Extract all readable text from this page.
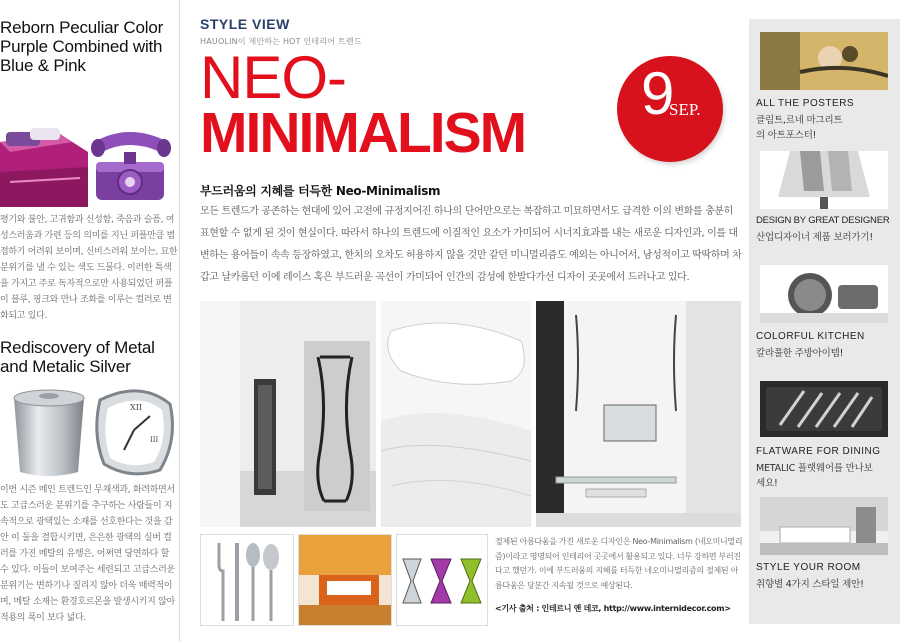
Reborn Peculiar Color Purple Combined with Blue & Pink

평기와 불안, 고귀함과 신성함, 죽음과 슬픔, 여성스러움과 가련 등의 의미를 지닌 퍼플만큼 범접하기 어려워 보이며, 신비스러워 보이는, 묘한 분위기를 낼 수 있는 색도 드물다. 이러한 특색을 가지고 주로 독자적으로만 사용되었던 퍼플이 블루, 핑크와 만나 조화를 이루는 컬러로 변화되고 있다.

Rediscovery of Metal and Metalic Silver
XII
III

이번 시즌 메인 트렌드인 무채색과, 화려하면서도 고급스러운 분위기를 추구하는 사람들이 지속적으로 광택있는 소재를 선호한다는 것을 감안 이 둘을 결합시키면, 은은한 광택의 실버 컬러를 가진 메탈의 유행은, 어쩌면 당연하다 할 수 있다. 이들이 보여주는 세련되고 고급스러운 분위기는 변하기나 질리지 않아 더욱 매력적이며, 메탈 소재는 환경호르몬을 발생시키지 않아 적용의 폭이 보다 넓다.

STYLE VIEW
HAUOLIN이 제안하는 HOT 인테리어 트렌드
NEO-
MINIMALISM
9
SEP.
부드러움의 지혜를 터득한 Neo-Minimalism

모든 트렌드가 공존하는 현대에 있어 고전에 규정지어진 하나의 단어만으로는 복잡하고 미묘하면서도 급격한 이의 변화를 충분히 표현할 수 없게 된 것이 현실이다. 따라서 하나의 트렌드에 이질적인 요소가 가미되어 시너지효과를 내는 새로운 디자인과, 이를 대변하는 용어들이 속속 등장하였고, 한치의 오차도 허용하지 않을 것만 같던 미니멀리즘도 예외는 아니어서, 남성적이고 딱딱하며 차갑고 날카롭던 이에 레이스 혹은 부드러운 곡선이 가미되어 인간의 감성에 한발다가선 디자이 곳곳에서 드러나고 있다.

절제된 아름다움을 가진 새로운 디자인은 Neo-Minimalism (네오미니멀리즘)이라고 명명되어 인테리어 곳곳에서 활용되고 있다. 너무 강하면 부러진다고 했던가. 이에 부드러움의 지혜를 터득한 네오미니멀리즘의 절제된 아름다움은 당분간 지속될 것으로 예상된다.

<기사 출처 : 인테르니 앤 데코, http://www.internidecor.com>
ALL THE POSTERS
클림트,르네 마그리트의 아트포스터!
DESIGN BY GREAT DESIGNER
산업디자이너 제품 보러가기!
COLORFUL KITCHEN
칼라풀한 주방아이템!
FLATWARE FOR DINING
METALIC 플랫웨어를 만나보세요!
STYLE YOUR ROOM
취향별 4가지 스타일 제안!
